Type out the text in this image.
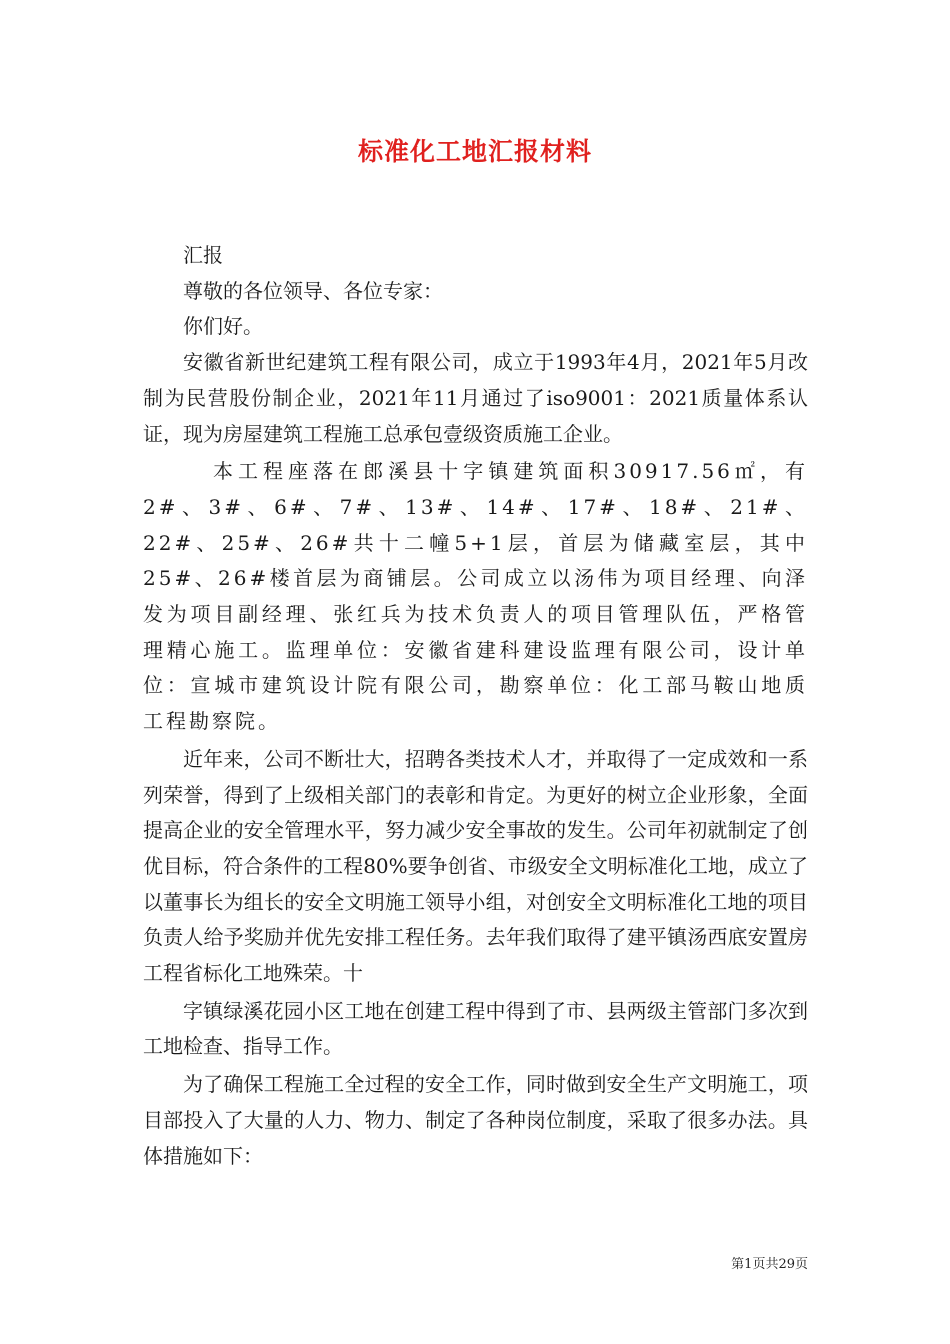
标准化工地汇报材料

汇报

尊敬的各位领导、各位专家：

你们好。

安徽省新世纪建筑工程有限公司，成立于1993年4月，2021年5月改制为民营股份制企业，2021年11月通过了iso9001：2021质量体系认证，现为房屋建筑工程施工总承包壹级资质施工企业。

本工程座落在郎溪县十字镇建筑面积30917.56㎡，有2#、3#、6#、7#、13#、14#、17#、18#、21#、22#、25#、26#共十二幢5+1层，首层为储藏室层，其中25#、26#楼首层为商铺层。公司成立以汤伟为项目经理、向泽发为项目副经理、张红兵为技术负责人的项目管理队伍，严格管理精心施工。监理单位：安徽省建科建设监理有限公司，设计单位：宣城市建筑设计院有限公司，勘察单位：化工部马鞍山地质工程勘察院。

近年来，公司不断壮大，招聘各类技术人才，并取得了一定成效和一系列荣誉，得到了上级相关部门的表彰和肯定。为更好的树立企业形象，全面提高企业的安全管理水平，努力减少安全事故的发生。公司年初就制定了创优目标，符合条件的工程80%要争创省、市级安全文明标准化工地，成立了以董事长为组长的安全文明施工领导小组，对创安全文明标准化工地的项目负责人给予奖励并优先安排工程任务。去年我们取得了建平镇汤西底安置房工程省标化工地殊荣。十

字镇绿溪花园小区工地在创建工程中得到了市、县两级主管部门多次到工地检查、指导工作。

为了确保工程施工全过程的安全工作，同时做到安全生产文明施工，项目部投入了大量的人力、物力、制定了各种岗位制度，采取了很多办法。具体措施如下：

第1页共29页
